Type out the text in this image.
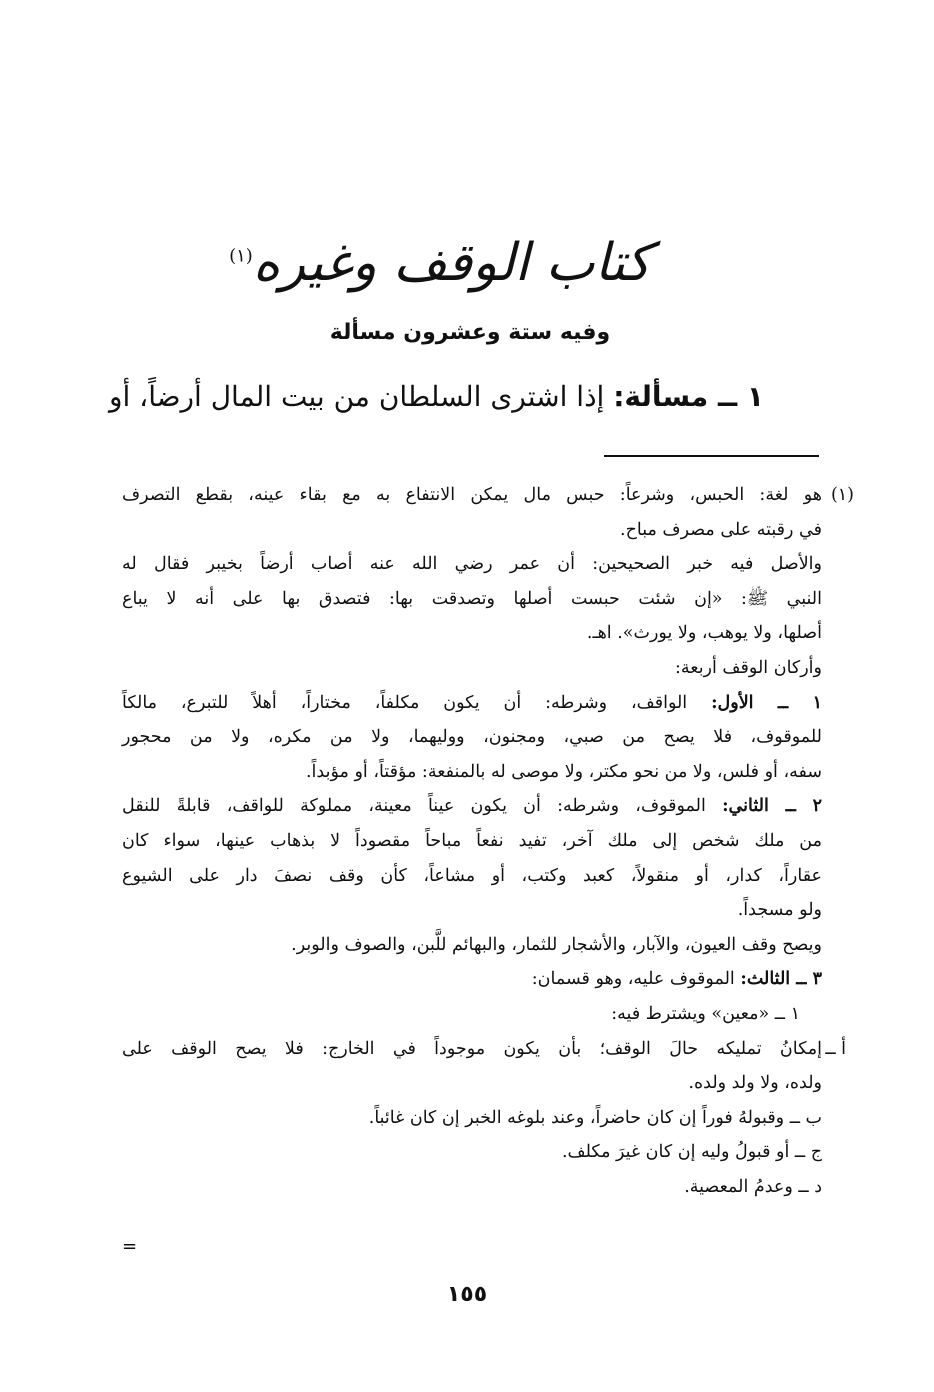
كتاب الوقف وغيره$^{(١)}$
وفيه ستة وعشرون مسألة
١ ــ مسألة: إذا اشترى السلطان من بيت المال أرضاً، أو
(١)
هو لغة: الحبس، وشرعاً: حبس مال يمكن الانتفاع به مع بقاء عينه، بقطع التصرف
في رقبته على مصرف مباح.
والأصل فيه خبر الصحيحين: أن عمر رضي الله عنه أصاب أرضاً بخيبر فقال له
النبي ﷺ: «إن شئت حبست أصلها وتصدقت بها: فتصدق بها على أنه لا يباع
أصلها، ولا يوهب، ولا يورث». اهـ.
وأركان الوقف أربعة:
١ ــ الأول: الواقف، وشرطه: أن يكون مكلفاً، مختاراً، أهلاً للتبرع، مالكاً
للموقوف، فلا يصح من صبي، ومجنون، ووليهما، ولا من مكره، ولا من محجور
سفه، أو فلس، ولا من نحو مكتر، ولا موصى له بالمنفعة: مؤقتاً، أو مؤبداً.
٢ ــ الثاني: الموقوف، وشرطه: أن يكون عيناً معينة، مملوكة للواقف، قابلةً للنقل
من ملك شخص إلى ملك آخر، تفيد نفعاً مباحاً مقصوداً لا بذهاب عينها، سواء كان
عقاراً، كدار، أو منقولاً، كعبد وكتب، أو مشاعاً، كأن وقف نصفَ دار على الشيوع
ولو مسجداً.
ويصح وقف العيون، والآبار، والأشجار للثمار، والبهائم للَّبن، والصوف والوبر.
٣ ــ الثالث: الموقوف عليه، وهو قسمان:
١ ــ «معين» ويشترط فيه:
أ ــ
إمكانُ تمليكه حالَ الوقف؛ بأن يكون موجوداً في الخارج: فلا يصح الوقف على
ولده، ولا ولد ولده.
ب ــ وقبولهُ فوراً إن كان حاضراً، وعند بلوغه الخبر إن كان غائباً.
ج ــ أو قبولُ وليه إن كان غيرَ مكلف.
د ــ وعدمُ المعصية.
=
١٥٥
